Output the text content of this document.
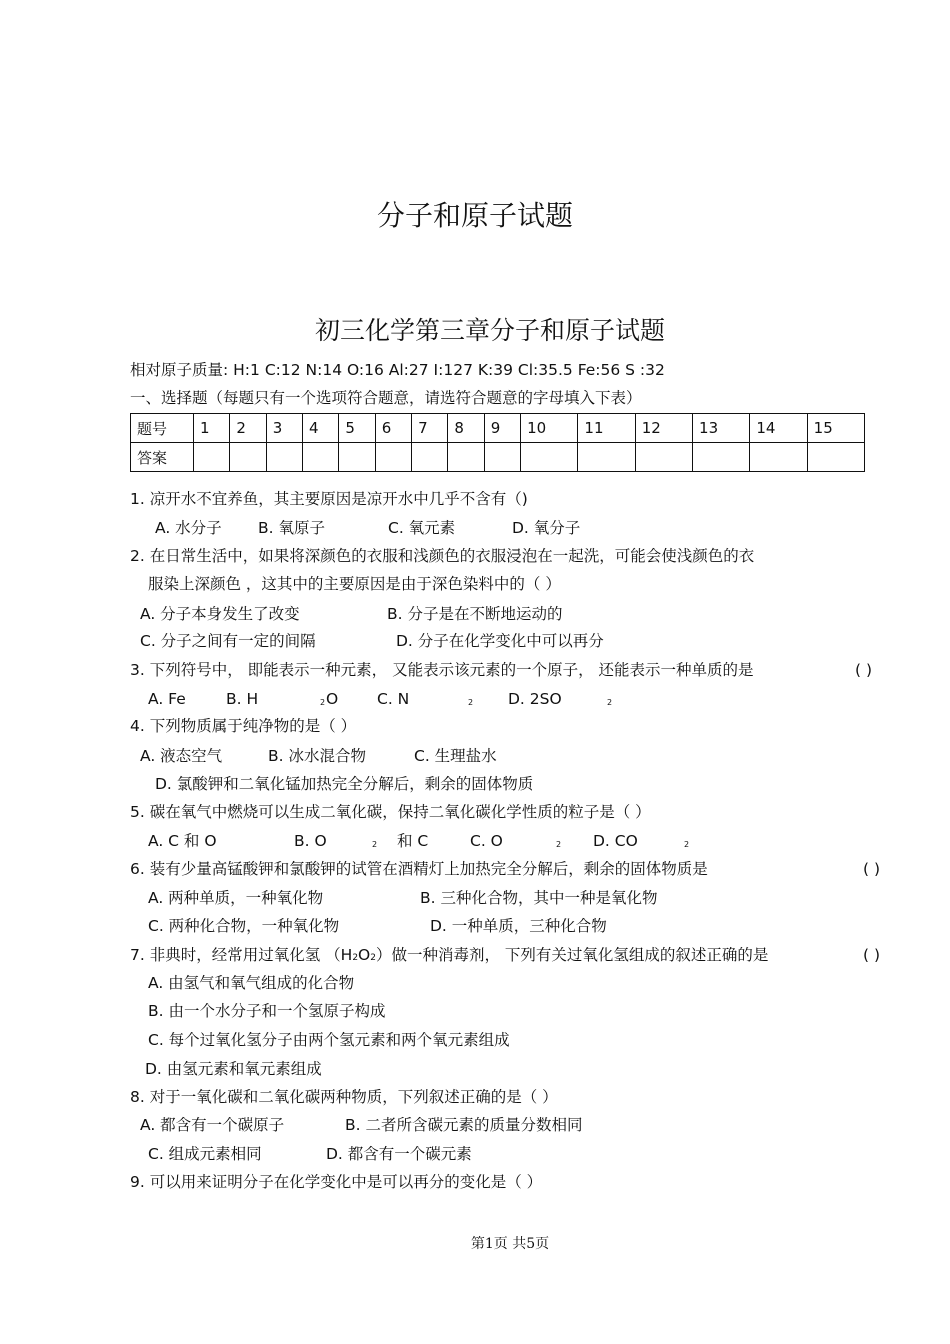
分子和原子试题
初三化学第三章分子和原子试题
相对原子质量: H:1 C:12 N:14 O:16 Al:27 I:127 K:39 Cl:35.5 Fe:56 S :32
一、选择题（每题只有一个选项符合题意，请选符合题意的字母填入下表）
题号	1	2	3	4	5	6	7	8	9	10	11	12	13	14	15
答案															
1. 凉开水不宜养鱼，其主要原因是凉开水中几乎不含有（)
A. 水分子 B. 氧原子	C. 氧元素	D. 氧分子
2. 在日常生活中，如果将深颜色的衣服和浅颜色的衣服浸泡在一起洗，可能会使浅颜色的衣
服染上深颜色 ，这其中的主要原因是由于深色染料中的（ ）
A. 分子本身发生了改变	B. 分子是在不断地运动的
C. 分子之间有一定的间隔	D. 分子在化学变化中可以再分
3. 下列符号中， 即能表示一种元素， 又能表示该元素的一个原子， 还能表示一种单质的是	( )
A. Fe	B. H	2 O	C. N	2 D. 2SO	2
4. 下列物质属于纯净物的是（ ）
A. 液态空气	B. 冰水混合物	C. 生理盐水
D. 氯酸钾和二氧化锰加热完全分解后，剩余的固体物质
5. 碳在氧气中燃烧可以生成二氧化碳，保持二氧化碳化学性质的粒子是（ ）
A. C 和 O	B. O	2 和 C	C. O	2 D. CO	2
6. 装有少量高锰酸钾和氯酸钾的试管在酒精灯上加热完全分解后，剩余的固体物质是	( )
A. 两种单质，一种氧化物	B. 三种化合物，其中一种是氧化物
C. 两种化合物，一种氧化物	D. 一种单质，三种化合物
7. 非典时，经常用过氧化氢 （H2O2）做一种消毒剂， 下列有关过氧化氢组成的叙述正确的是	( )
A. 由氢气和氧气组成的化合物
B. 由一个水分子和一个氢原子构成
C. 每个过氧化氢分子由两个氢元素和两个氧元素组成
D. 由氢元素和氧元素组成
8. 对于一氧化碳和二氧化碳两种物质，下列叙述正确的是（ ）
A. 都含有一个碳原子	B. 二者所含碳元素的质量分数相同
C. 组成元素相同	D. 都含有一个碳元素
9. 可以用来证明分子在化学变化中是可以再分的变化是（ ）
第1页 共5页
